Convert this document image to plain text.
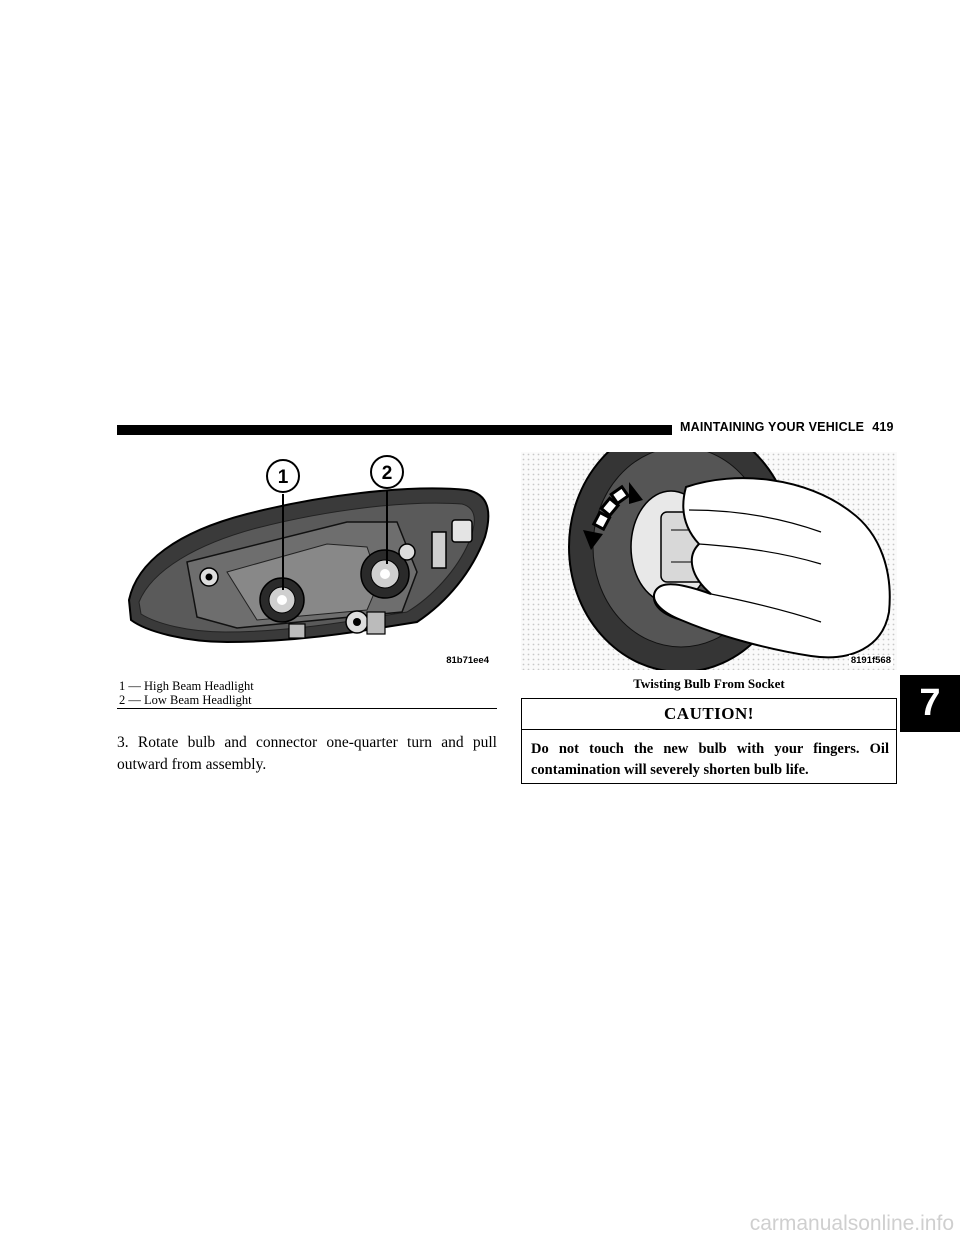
MAINTAINING YOUR VEHICLE 419
1	2
81b71ee4
1 — High Beam Headlight
2 — Low Beam Headlight

3. Rotate bulb and connector one-quarter turn and pull outward from assembly.

8191f568
Twisting Bulb From Socket
CAUTION!
Do not touch the new bulb with your fingers. Oil contamination will severely shorten bulb life.
7
carmanualsonline.info
